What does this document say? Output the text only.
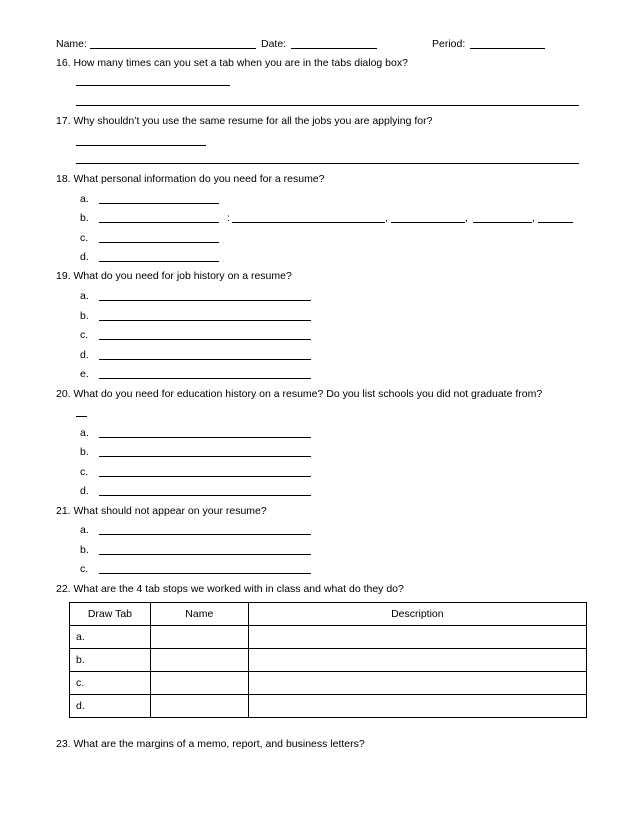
Name:	Date:	Period:
16. How many times can you set a tab when you are in the tabs dialog box?
17. Why shouldn’t you use the same resume for all the jobs you are applying for?
18. What personal information do you need for a resume?
a.
b.	:	,	,	,
c.
d.
19. What do you need for job history on a resume?
a.
b.
c.
d.
e.
20. What do you need for education history on a resume? Do you list schools you did not graduate from?
a.
b.
c.
d.
21. What should not appear on your resume?
a.
b.
c.
22. What are the 4 tab stops we worked with in class and what do they do?
Draw Tab	Name	Description
a.		
b.		
c.		
d.		
23. What are the margins of a memo, report, and business letters?
